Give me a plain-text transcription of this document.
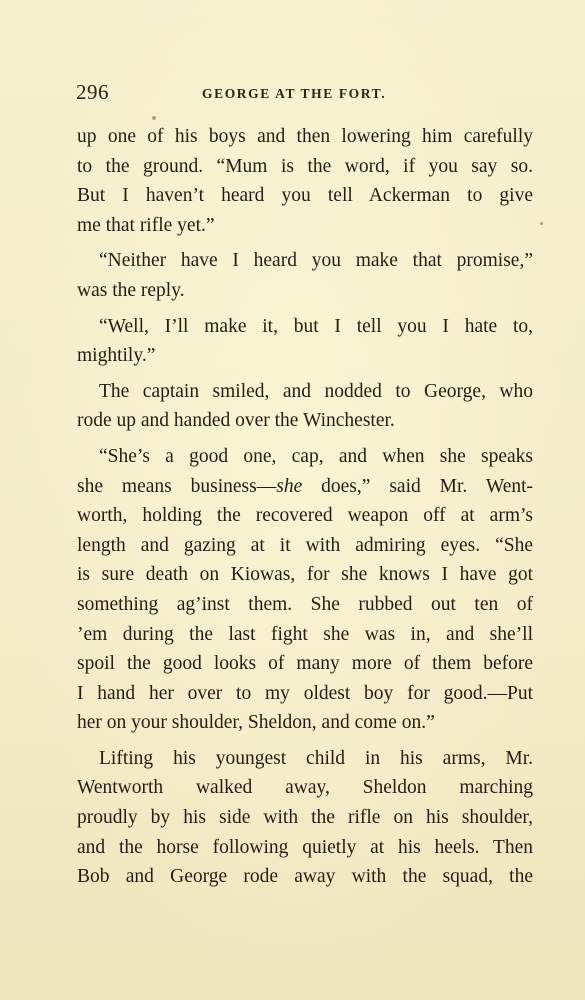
296	GEORGE AT THE FORT.
up one of his boys and then lowering him carefully
to the ground. “Mum is the word, if you say so.
But I haven’t heard you tell Ackerman to give
me that rifle yet.”
“Neither have I heard you make that promise,”
was the reply.
“Well, I’ll make it, but I tell you I hate to,
mightily.”
The captain smiled, and nodded to George, who
rode up and handed over the Winchester.
“She’s a good one, cap, and when she speaks
she means business—she does,” said Mr. Went-
worth, holding the recovered weapon off at arm’s
length and gazing at it with admiring eyes. “She
is sure death on Kiowas, for she knows I have got
something ag’inst them. She rubbed out ten of
’em during the last fight she was in, and she’ll
spoil the good looks of many more of them before
I hand her over to my oldest boy for good.—Put
her on your shoulder, Sheldon, and come on.”
Lifting his youngest child in his arms, Mr.
Wentworth walked away, Sheldon marching
proudly by his side with the rifle on his shoulder,
and the horse following quietly at his heels. Then
Bob and George rode away with the squad, the
